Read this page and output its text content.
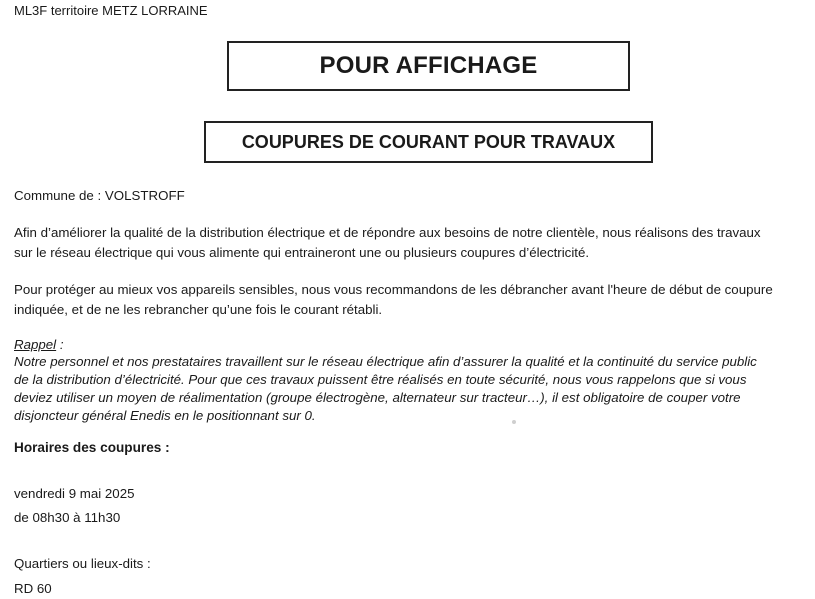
ML3F territoire METZ LORRAINE
POUR AFFICHAGE
COUPURES DE COURANT POUR TRAVAUX
Commune de : VOLSTROFF
Afin d’améliorer la qualité de la distribution électrique et de répondre aux besoins de notre clientèle, nous réalisons des travaux
sur le réseau électrique qui vous alimente qui entraineront une ou plusieurs coupures d’électricité.
Pour protéger au mieux vos appareils sensibles, nous vous recommandons de les débrancher avant l'heure de début de coupure
indiquée, et de ne les rebrancher qu’une fois le courant rétabli.
Rappel :
Notre personnel et nos prestataires travaillent sur le réseau électrique afin d’assurer la qualité et la continuité du service public
de la distribution d’électricité. Pour que ces travaux puissent être réalisés en toute sécurité, nous vous rappelons que si vous
deviez utiliser un moyen de réalimentation (groupe électrogène, alternateur sur tracteur…), il est obligatoire de couper votre
disjoncteur général Enedis en le positionnant sur 0.
Horaires des coupures :
vendredi 9 mai 2025
de 08h30 à 11h30
Quartiers ou lieux-dits :
RD 60
